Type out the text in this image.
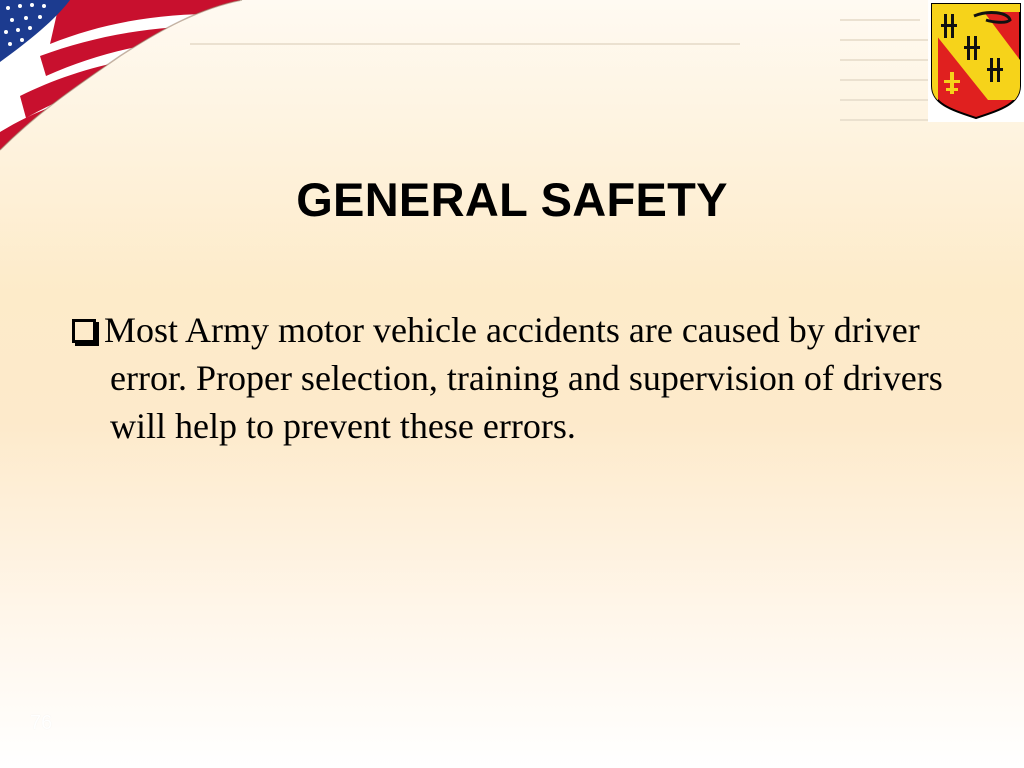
GENERAL SAFETY
Most Army motor vehicle accidents are caused by driver error. Proper selection, training and supervision of drivers will help to prevent these errors.
76
